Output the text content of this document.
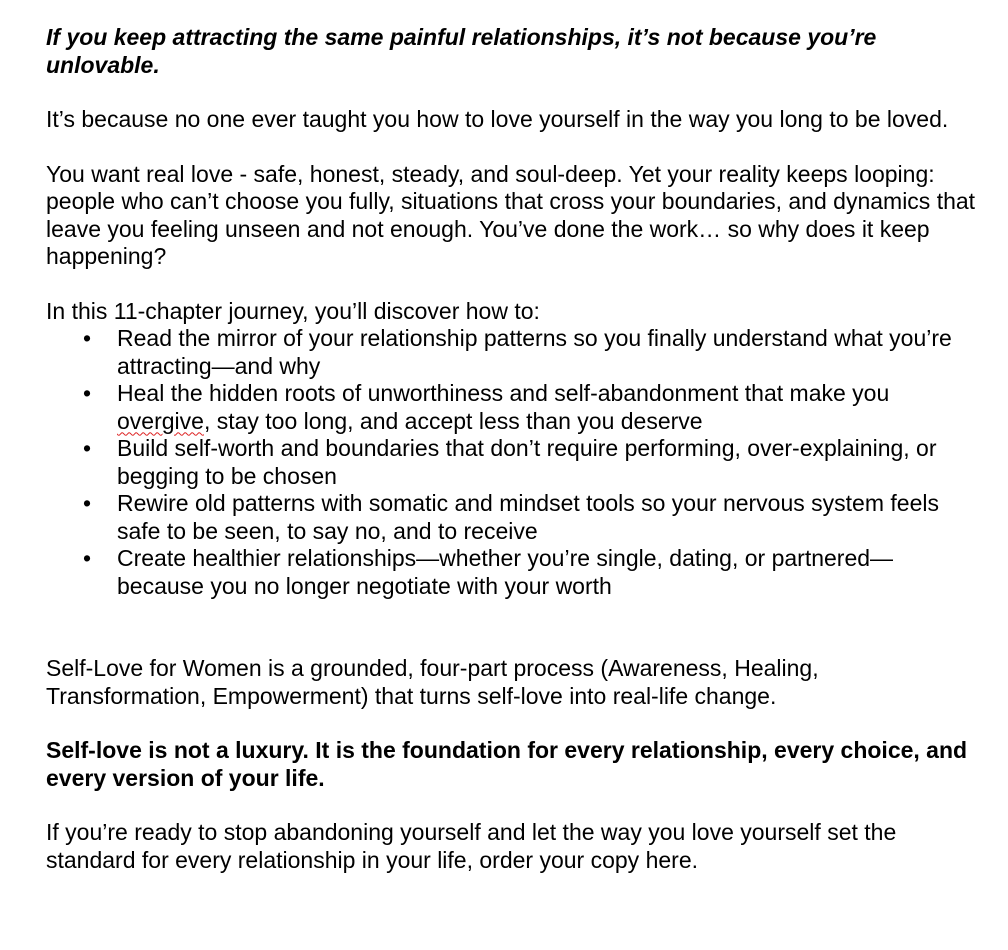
If you keep attracting the same painful relationships, it’s not because you’re unlovable.

It’s because no one ever taught you how to love yourself in the way you long to be loved.

You want real love - safe, honest, steady, and soul-deep. Yet your reality keeps looping: people who can’t choose you fully, situations that cross your boundaries, and dynamics that leave you feeling unseen and not enough. You’ve done the work… so why does it keep happening?

In this 11-chapter journey, you’ll discover how to:

• Read the mirror of your relationship patterns so you finally understand what you’re attracting—and why
• Heal the hidden roots of unworthiness and self-abandonment that make you overgive, stay too long, and accept less than you deserve
• Build self-worth and boundaries that don’t require performing, over-explaining, or begging to be chosen
• Rewire old patterns with somatic and mindset tools so your nervous system feels safe to be seen, to say no, and to receive
• Create healthier relationships—whether you’re single, dating, or partnered—because you no longer negotiate with your worth

Self-Love for Women is a grounded, four-part process (Awareness, Healing, Transformation, Empowerment) that turns self-love into real-life change.

Self-love is not a luxury. It is the foundation for every relationship, every choice, and every version of your life.

If you’re ready to stop abandoning yourself and let the way you love yourself set the standard for every relationship in your life, order your copy here.
